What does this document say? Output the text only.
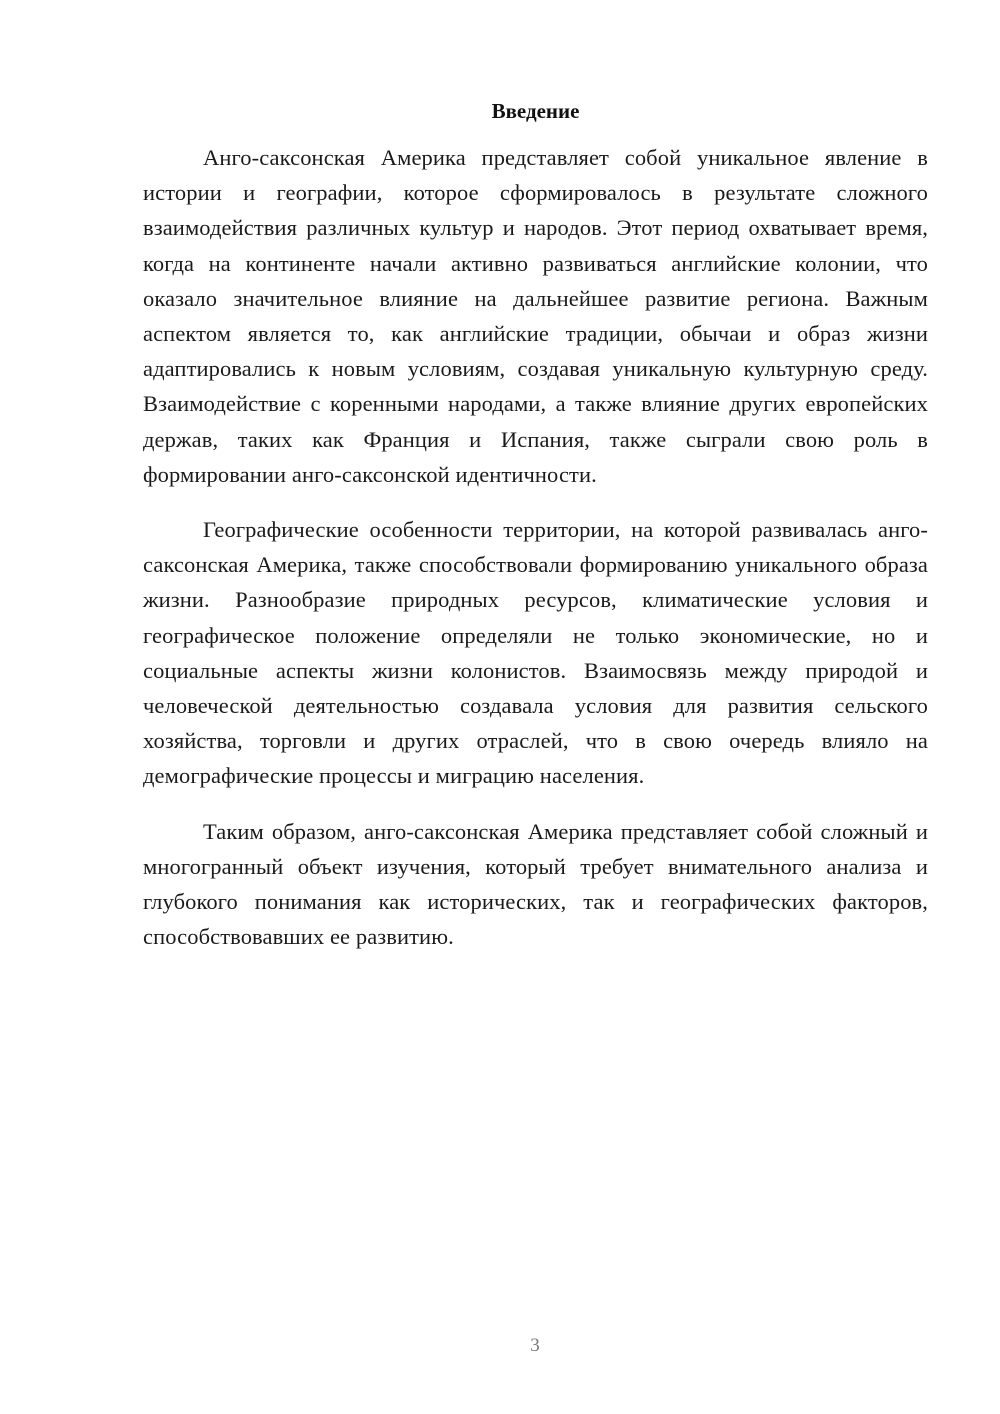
Введение

Анго-саксонская Америка представляет собой уникальное явление в истории и географии, которое сформировалось в результате сложного взаимодействия различных культур и народов. Этот период охватывает время, когда на континенте начали активно развиваться английские колонии, что оказало значительное влияние на дальнейшее развитие региона. Важным аспектом является то, как английские традиции, обычаи и образ жизни адаптировались к новым условиям, создавая уникальную культурную среду. Взаимодействие с коренными народами, а также влияние других европейских держав, таких как Франция и Испания, также сыграли свою роль в формировании анго-саксонской идентичности.

Географические особенности территории, на которой развивалась анго-саксонская Америка, также способствовали формированию уникального образа жизни. Разнообразие природных ресурсов, климатические условия и географическое положение определяли не только экономические, но и социальные аспекты жизни колонистов. Взаимосвязь между природой и человеческой деятельностью создавала условия для развития сельского хозяйства, торговли и других отраслей, что в свою очередь влияло на демографические процессы и миграцию населения.

Таким образом, анго-саксонская Америка представляет собой сложный и многогранный объект изучения, который требует внимательного анализа и глубокого понимания как исторических, так и географических факторов, способствовавших ее развитию.

3
